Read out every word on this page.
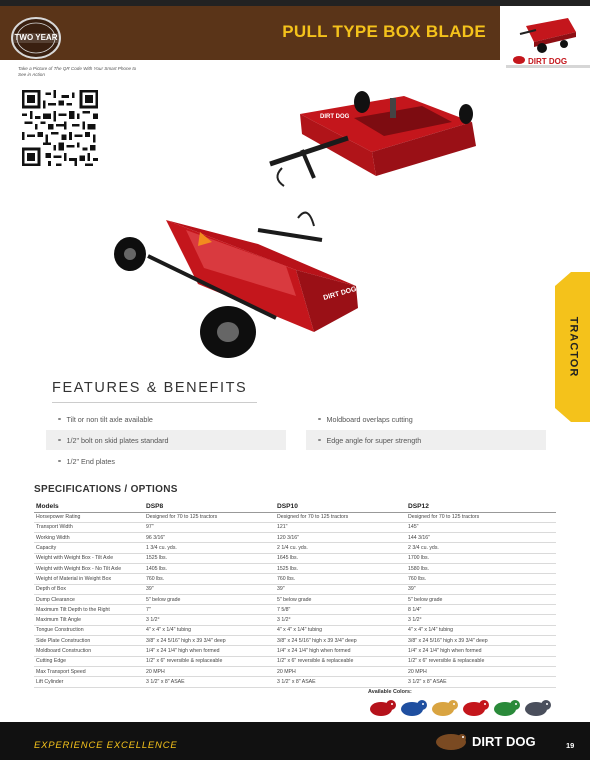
TWO YEAR	PULL TYPE BOX BLADE
DIRT DOG
Take a Picture of The QR Code With Your Smart Phone to See in Action
DIRT DOG
DIRT DOG
TRACTOR
FEATURES & BENEFITS
Tilt or non tilt axle available
1/2" bolt on skid plates standard
1/2" End plates
Moldboard overlaps cutting
Edge angle for super strength
SPECIFICATIONS / OPTIONS
Models	DSP8	DSP10	DSP12
Horsepower Rating	Designed for 70 to 125 tractors	Designed for 70 to 125 tractors	Designed for 70 to 125 tractors
Transport Width	97"	121"	145"
Working Width	96 3/16"	120 3/16"	144 3/16"
Capacity	1 3/4 cu. yds.	2 1/4 cu. yds.	2 3/4 cu. yds.
Weight with Weight Box - Tilt Axle	1525 lbs.	1645 lbs.	1700 lbs.
Weight with Weight Box - No Tilt Axle	1405 lbs.	1525 lbs.	1580 lbs.
Weight of Material in Weight Box	760 lbs.	760 lbs.	760 lbs.
Depth of Box	39"	39"	39"
Dump Clearance	5" below grade	5" below grade	5" below grade
Maximum Tilt Depth to the Right	7"	7 5/8"	8 1/4"
Maximum Tilt Angle	3 1/2°	3 1/2°	3 1/2°
Tongue Construction	4" x 4" x 1/4" tubing	4" x 4" x 1/4" tubing	4" x 4" x 1/4" tubing
Side Plate Construction	3/8" x 24 5/16" high x 39 3/4" deep	3/8" x 24 5/16" high x 39 3/4" deep	3/8" x 24 5/16" high x 39 3/4" deep
Moldboard Construction	1/4" x 24 1/4" high when formed	1/4" x 24 1/4" high when formed	1/4" x 24 1/4" high when formed
Cutting Edge	1/2" x 6" reversible & replaceable	1/2" x 6" reversible & replaceable	1/2" x 6" reversible & replaceable
Max Transport Speed	20 MPH	20 MPH	20 MPH
Lift Cylinder	3 1/2" x 8" ASAE	3 1/2" x 8" ASAE	3 1/2" x 8" ASAE
Available Colors:
EXPERIENCE EXCELLENCE	DIRT DOG	19
